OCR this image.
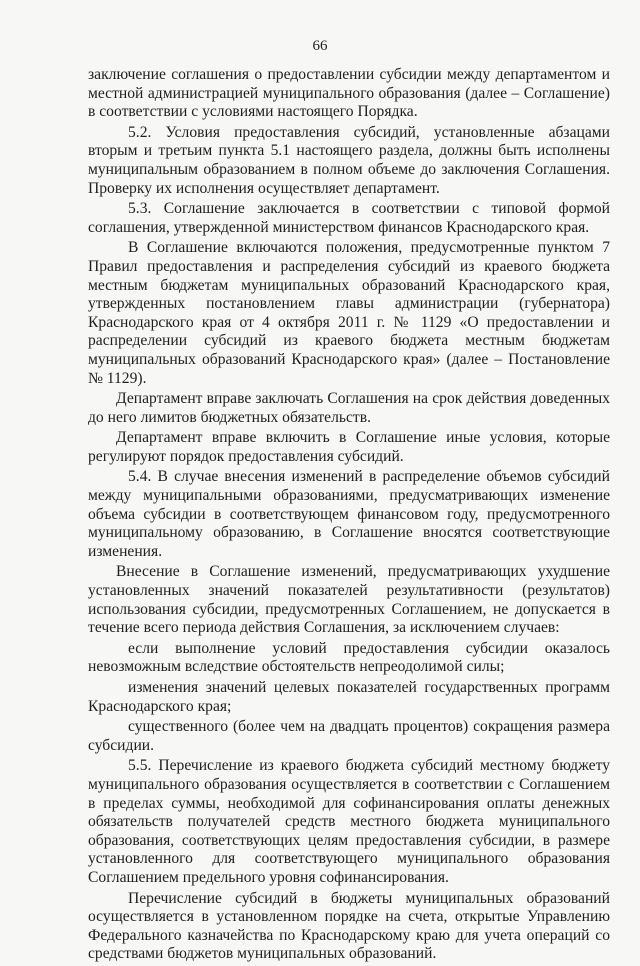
66

заключение соглашения о предоставлении субсидии между департаментом и местной администрацией муниципального образования (далее – Соглашение) в соответствии с условиями настоящего Порядка.

5.2. Условия предоставления субсидий, установленные абзацами вторым и третьим пункта 5.1 настоящего раздела, должны быть исполнены муниципальным образованием в полном объеме до заключения Соглашения. Проверку их исполнения осуществляет департамент.

5.3. Соглашение заключается в соответствии с типовой формой соглашения, утвержденной министерством финансов Краснодарского края.

В Соглашение включаются положения, предусмотренные пунктом 7 Правил предоставления и распределения субсидий из краевого бюджета местным бюджетам муниципальных образований Краснодарского края, утвержденных постановлением главы администрации (губернатора) Краснодарского края от 4 октября 2011 г. № 1129 «О предоставлении и распределении субсидий из краевого бюджета местным бюджетам муниципальных образований Краснодарского края» (далее – Постановление № 1129).

Департамент вправе заключать Соглашения на срок действия доведенных до него лимитов бюджетных обязательств.

Департамент вправе включить в Соглашение иные условия, которые регулируют порядок предоставления субсидий.

5.4. В случае внесения изменений в распределение объемов субсидий между муниципальными образованиями, предусматривающих изменение объема субсидии в соответствующем финансовом году, предусмотренного муниципальному образованию, в Соглашение вносятся соответствующие изменения.

Внесение в Соглашение изменений, предусматривающих ухудшение установленных значений показателей результативности (результатов) использования субсидии, предусмотренных Соглашением, не допускается в течение всего периода действия Соглашения, за исключением случаев:

если выполнение условий предоставления субсидии оказалось невозможным вследствие обстоятельств непреодолимой силы;

изменения значений целевых показателей государственных программ Краснодарского края;

существенного (более чем на двадцать процентов) сокращения размера субсидии.

5.5. Перечисление из краевого бюджета субсидий местному бюджету муниципального образования осуществляется в соответствии с Соглашением в пределах суммы, необходимой для софинансирования оплаты денежных обязательств получателей средств местного бюджета муниципального образования, соответствующих целям предоставления субсидии, в размере установленного для соответствующего муниципального образования Соглашением предельного уровня софинансирования.

Перечисление субсидий в бюджеты муниципальных образований осуществляется в установленном порядке на счета, открытые Управлению Федерального казначейства по Краснодарскому краю для учета операций со средствами бюджетов муниципальных образований.
